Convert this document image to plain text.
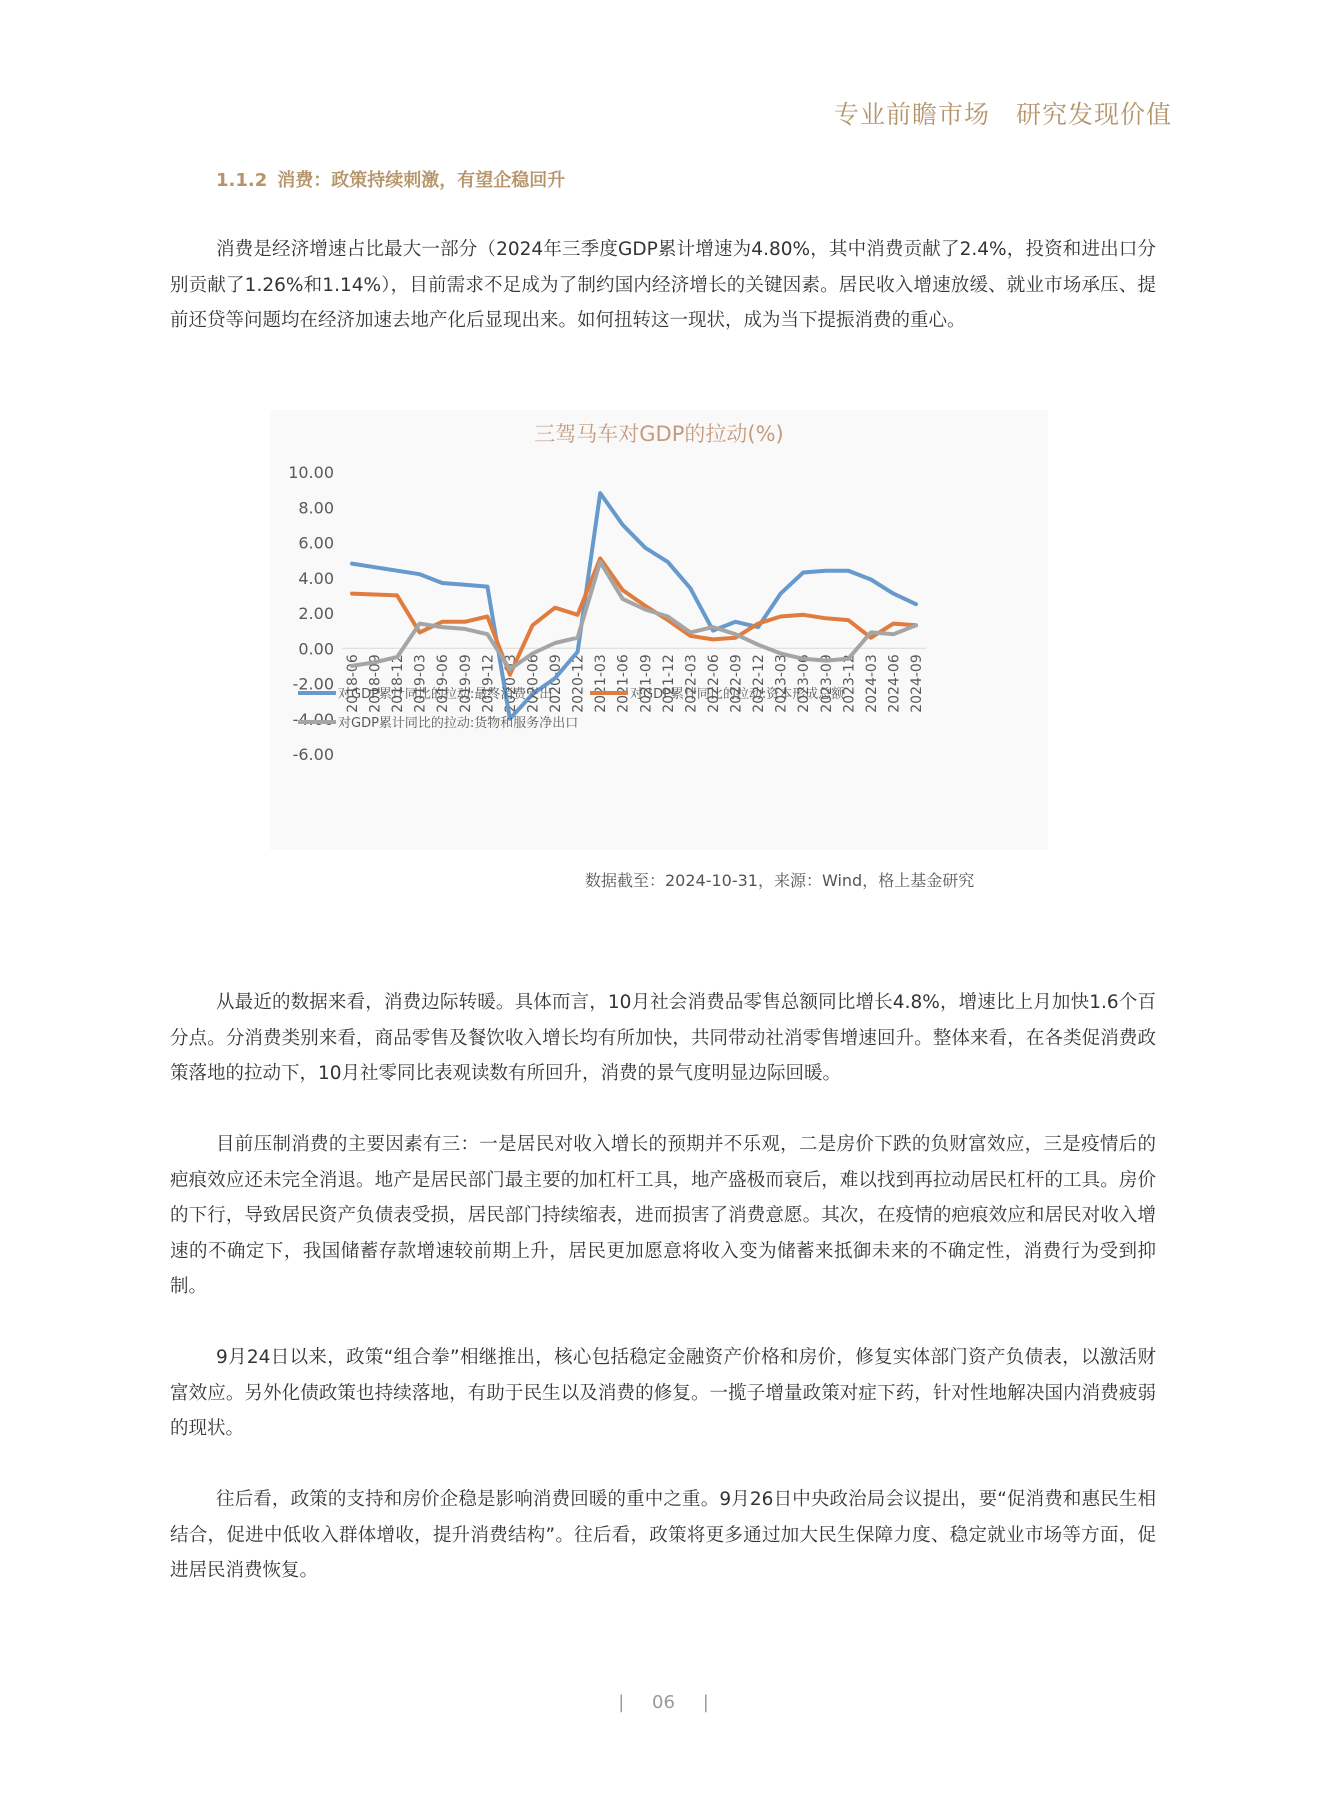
专业前瞻市场 研究发现价值
1.1.2 消费：政策持续刺激，有望企稳回升

消费是经济增速占比最大一部分（2024年三季度GDP累计增速为4.80%，其中消费贡献了2.4%，投资和进出口分别贡献了1.26%和1.14%），目前需求不足成为了制约国内经济增长的关键因素。居民收入增速放缓、就业市场承压、提前还贷等问题均在经济加速去地产化后显现出来。如何扭转这一现状，成为当下提振消费的重心。

三驾马车对GDP的拉动(%)
10.00
8.00
6.00
4.00
2.00
0.00
-2.00
-4.00
-6.00
2018-06 2018-09 2018-12 2019-03 2019-06 2019-09 2019-12 2020-03 2020-06 2020-09 2020-12 2021-03 2021-06 2021-09 2021-12 2022-03 2022-06 2022-09 2022-12 2023-03 2023-06 2023-09 2023-12 2024-03 2024-06 2024-09
对GDP累计同比的拉动:最终消费支出	对GDP累计同比的拉动:资本形成总额
对GDP累计同比的拉动:货物和服务净出口
数据截至：2024-10-31，来源：Wind，格上基金研究

从最近的数据来看，消费边际转暖。具体而言，10月社会消费品零售总额同比增长4.8%，增速比上月加快1.6个百分点。分消费类别来看，商品零售及餐饮收入增长均有所加快，共同带动社消零售增速回升。整体来看，在各类促消费政策落地的拉动下，10月社零同比表观读数有所回升，消费的景气度明显边际回暖。

目前压制消费的主要因素有三：一是居民对收入增长的预期并不乐观，二是房价下跌的负财富效应，三是疫情后的疤痕效应还未完全消退。地产是居民部门最主要的加杠杆工具，地产盛极而衰后，难以找到再拉动居民杠杆的工具。房价的下行，导致居民资产负债表受损，居民部门持续缩表，进而损害了消费意愿。其次，在疫情的疤痕效应和居民对收入增速的不确定下，我国储蓄存款增速较前期上升，居民更加愿意将收入变为储蓄来抵御未来的不确定性，消费行为受到抑制。

9月24日以来，政策“组合拳”相继推出，核心包括稳定金融资产价格和房价，修复实体部门资产负债表，以激活财富效应。另外化债政策也持续落地，有助于民生以及消费的修复。一揽子增量政策对症下药，针对性地解决国内消费疲弱的现状。

往后看，政策的支持和房价企稳是影响消费回暖的重中之重。9月26日中央政治局会议提出，要“促消费和惠民生相结合，促进中低收入群体增收，提升消费结构”。往后看，政策将更多通过加大民生保障力度、稳定就业市场等方面，促进居民消费恢复。

| 06 |
